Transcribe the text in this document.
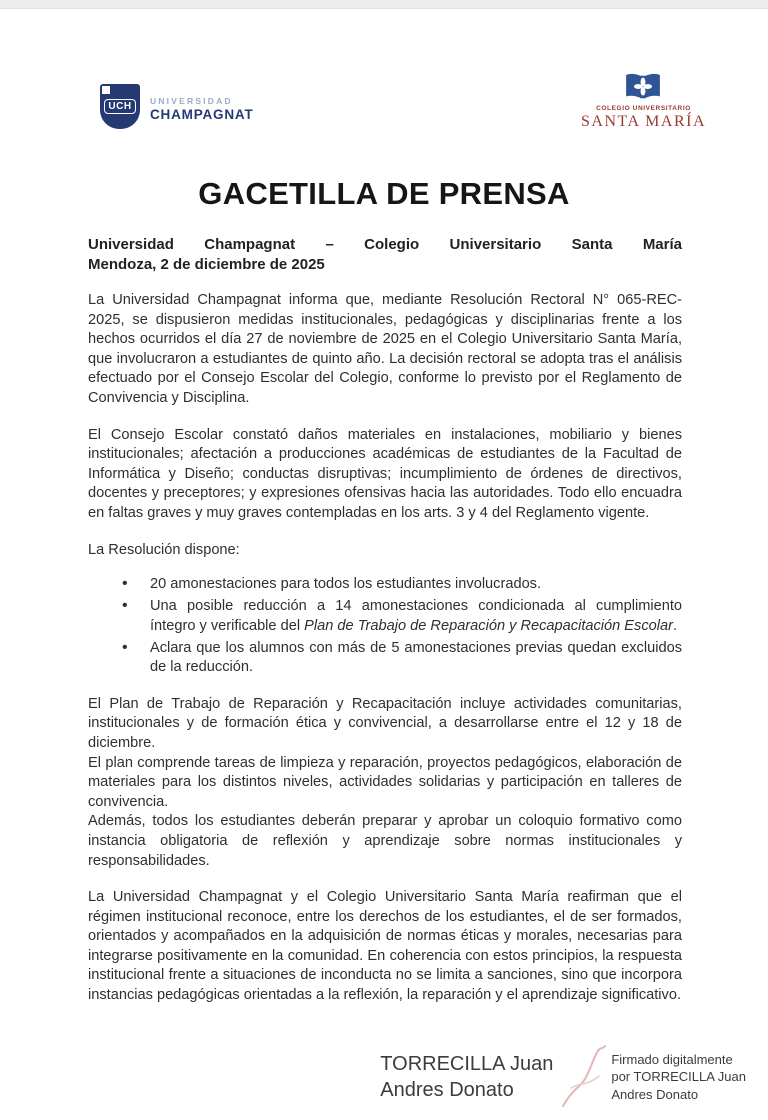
UCH
UNIVERSIDAD
CHAMPAGNAT	COLEGIO UNIVERSITARIO
SANTA MARÍA
GACETILLA DE PRENSA
Universidad Champagnat – Colegio Universitario Santa María
Mendoza, 2 de diciembre de 2025

La Universidad Champagnat informa que, mediante Resolución Rectoral N° 065-REC-2025, se dispusieron medidas institucionales, pedagógicas y disciplinarias frente a los hechos ocurridos el día 27 de noviembre de 2025 en el Colegio Universitario Santa María, que involucraron a estudiantes de quinto año. La decisión rectoral se adopta tras el análisis efectuado por el Consejo Escolar del Colegio, conforme lo previsto por el Reglamento de Convivencia y Disciplina.

El Consejo Escolar constató daños materiales en instalaciones, mobiliario y bienes institucionales; afectación a producciones académicas de estudiantes de la Facultad de Informática y Diseño; conductas disruptivas; incumplimiento de órdenes de directivos, docentes y preceptores; y expresiones ofensivas hacia las autoridades. Todo ello encuadra en faltas graves y muy graves contempladas en los arts. 3 y 4 del Reglamento vigente.

La Resolución dispone:

• 20 amonestaciones para todos los estudiantes involucrados.
• Una posible reducción a 14 amonestaciones condicionada al cumplimiento íntegro y verificable del Plan de Trabajo de Reparación y Recapacitación Escolar.
• Aclara que los alumnos con más de 5 amonestaciones previas quedan excluidos de la reducción.

El Plan de Trabajo de Reparación y Recapacitación incluye actividades comunitarias, institucionales y de formación ética y convivencial, a desarrollarse entre el 12 y 18 de diciembre.

El plan comprende tareas de limpieza y reparación, proyectos pedagógicos, elaboración de materiales para los distintos niveles, actividades solidarias y participación en talleres de convivencia.

Además, todos los estudiantes deberán preparar y aprobar un coloquio formativo como instancia obligatoria de reflexión y aprendizaje sobre normas institucionales y responsabilidades.

La Universidad Champagnat y el Colegio Universitario Santa María reafirman que el régimen institucional reconoce, entre los derechos de los estudiantes, el de ser formados, orientados y acompañados en la adquisición de normas éticas y morales, necesarias para integrarse positivamente en la comunidad. En coherencia con estos principios, la respuesta institucional frente a situaciones de inconducta no se limita a sanciones, sino que incorpora instancias pedagógicas orientadas a la reflexión, la reparación y el aprendizaje significativo.

TORRECILLA Juan
Andres Donato
Firmado digitalmente
por TORRECILLA Juan
Andres Donato
